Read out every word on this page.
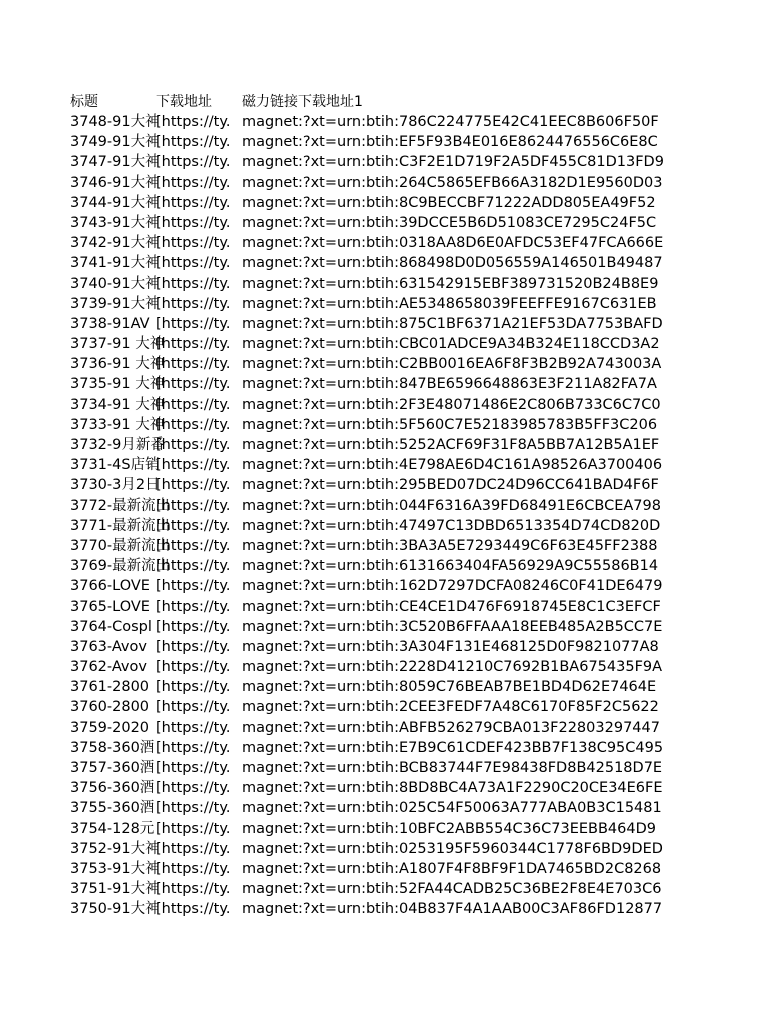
标题	下载地址	磁力链接下载地址1
3748-91大神
[https://ty. magnet:?xt=urn:btih:786C224775E42C41EEC8B606F50F
3749-91大神
[https://ty. magnet:?xt=urn:btih:EF5F93B4E016E8624476556C6E8C
3747-91大神
[https://ty. magnet:?xt=urn:btih:C3F2E1D719F2A5DF455C81D13FD9
3746-91大神
[https://ty. magnet:?xt=urn:btih:264C5865EFB66A3182D1E9560D03
3744-91大神
[https://ty. magnet:?xt=urn:btih:8C9BECCBF71222ADD805EA49F52
3743-91大神
[https://ty. magnet:?xt=urn:btih:39DCCE5B6D51083CE7295C24F5C
3742-91大神
[https://ty. magnet:?xt=urn:btih:0318AA8D6E0AFDC53EF47FCA666E
3741-91大神
[https://ty. magnet:?xt=urn:btih:868498D0D056559A146501B49487
3740-91大神
[https://ty. magnet:?xt=urn:btih:631542915EBF389731520B24B8E9
3739-91大神
[https://ty. magnet:?xt=urn:btih:AE5348658039FEEFFE9167C631EB
3738-91AV [https://ty. magnet:?xt=urn:btih:875C1BF6371A21EF53DA7753BAFD
3737-91 大神
[https://ty. magnet:?xt=urn:btih:CBC01ADCE9A34B324E118CCD3A2
3736-91 大神
[https://ty. magnet:?xt=urn:btih:C2BB0016EA6F8F3B2B92A743003A
3735-91 大神
[https://ty. magnet:?xt=urn:btih:847BE6596648863E3F211A82FA7A
3734-91 大神
[https://ty. magnet:?xt=urn:btih:2F3E48071486E2C806B733C6C7C0
3733-91 大神
[https://ty. magnet:?xt=urn:btih:5F560C7E52183985783B5FF3C206
3732-9月新番
[https://ty. magnet:?xt=urn:btih:5252ACF69F31F8A5BB7A12B5A1EF
3731-4S店销
[https://ty. magnet:?xt=urn:btih:4E798AE6D4C161A98526A3700406
3730-3月2日
[https://ty. magnet:?xt=urn:btih:295BED07DC24D96CC641BAD4F6F
3772-最新流出
[https://ty. magnet:?xt=urn:btih:044F6316A39FD68491E6CBCEA798
3771-最新流出
[https://ty. magnet:?xt=urn:btih:47497C13DBD6513354D74CD820D
3770-最新流出
[https://ty. magnet:?xt=urn:btih:3BA3A5E7293449C6F63E45FF2388
3769-最新流出
[https://ty. magnet:?xt=urn:btih:6131663404FA56929A9C55586B14
3766-LOVE [https://ty. magnet:?xt=urn:btih:162D7297DCFA08246C0F41DE6479
3765-LOVE [https://ty. magnet:?xt=urn:btih:CE4CE1D476F6918745E8C1C3EFCF
3764-Cospl [https://ty. magnet:?xt=urn:btih:3C520B6FFAAA18EEB485A2B5CC7E
3763-Avov [https://ty. magnet:?xt=urn:btih:3A304F131E468125D0F9821077A8
3762-Avov [https://ty. magnet:?xt=urn:btih:2228D41210C7692B1BA675435F9A
3761-2800 [https://ty. magnet:?xt=urn:btih:8059C76BEAB7BE1BD4D62E7464E
3760-2800 [https://ty. magnet:?xt=urn:btih:2CEE3FEDF7A48C6170F85F2C5622
3759-2020 [https://ty. magnet:?xt=urn:btih:ABFB526279CBA013F22803297447
3758-360酒 [https://ty. magnet:?xt=urn:btih:E7B9C61CDEF423BB7F138C95C495
3757-360酒 [https://ty. magnet:?xt=urn:btih:BCB83744F7E98438FD8B42518D7E
3756-360酒 [https://ty. magnet:?xt=urn:btih:8BD8BC4A73A1F2290C20CE34E6FE
3755-360酒 [https://ty. magnet:?xt=urn:btih:025C54F50063A777ABA0B3C15481
3754-128元 [https://ty. magnet:?xt=urn:btih:10BFC2ABB554C36C73EEBB464D9
3752-91大神
[https://ty. magnet:?xt=urn:btih:0253195F5960344C1778F6BD9DED
3753-91大神
[https://ty. magnet:?xt=urn:btih:A1807F4F8BF9F1DA7465BD2C8268
3751-91大神
[https://ty. magnet:?xt=urn:btih:52FA44CADB25C36BE2F8E4E703C6
3750-91大神
[https://ty. magnet:?xt=urn:btih:04B837F4A1AAB00C3AF86FD12877
